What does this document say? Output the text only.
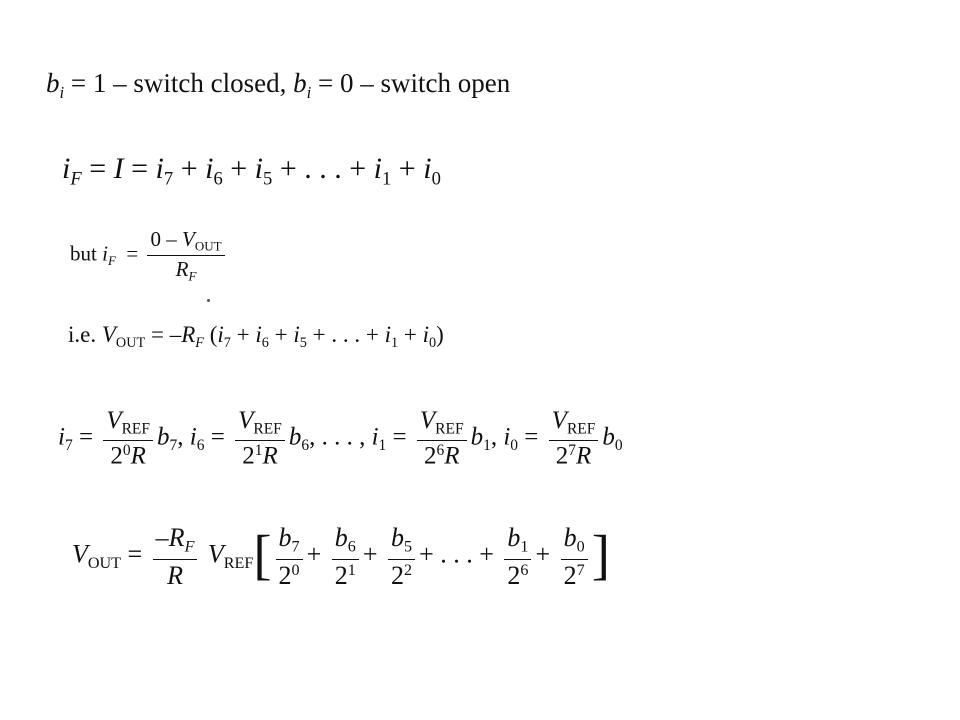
$b_i = 1$ – switch closed, $b_i = 0$ – switch open
$i_F = I = i_7 + i_6 + i_5$ + . . . + $i_1 + i_0$
but $i_F = \frac{0 - V_{OUT}}{R_F}$
i.e. $V_{OUT} = -R_F$ ($i_7 + i_6 + i_5$ + . . . + $i_1 + i_0$)
$i_7 = \frac{V_{REF}}{2^0R} b_7$, $i_6 = \frac{V_{REF}}{2^1R} b_6$, . . . , $i_1 = \frac{V_{REF}}{2^6R} b_1$, $i_0 = \frac{V_{REF}}{2^7R} b_0$
$V_{OUT} = \frac{-R_F}{R} V_{REF}[ \frac{b_7}{2^0} + \frac{b_6}{2^1} + \frac{b_5}{2^2}$ + . . . + $\frac{b_1}{2^6} + \frac{b_0}{2^7}$ ]
